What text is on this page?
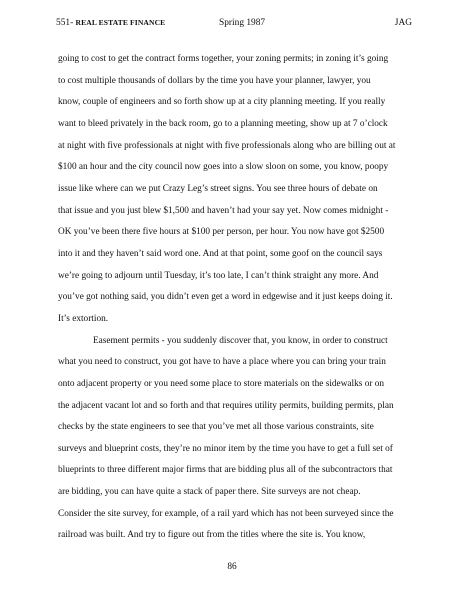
551- REAL ESTATE FINANCE	Spring 1987	JAG
going to cost to get the contract forms together, your zoning permits; in zoning it’s going
to cost multiple thousands of dollars by the time you have your planner, lawyer, you
know, couple of engineers and so forth show up at a city planning meeting. If you really
want to bleed privately in the back room, go to a planning meeting, show up at 7 o’clock
at night with five professionals at night with five professionals along who are billing out at
$100 an hour and the city council now goes into a slow sloon on some, you know, poopy
issue like where can we put Crazy Leg’s street signs. You see three hours of debate on
that issue and you just blew $1,500 and haven’t had your say yet. Now comes midnight -
OK you’ve been there five hours at $100 per person, per hour. You now have got $2500
into it and they haven’t said word one. And at that point, some goof on the council says
we’re going to adjourn until Tuesday, it’s too late, I can’t think straight any more. And
you’ve got nothing said, you didn’t even get a word in edgewise and it just keeps doing it.
It’s extortion.
Easement permits - you suddenly discover that, you know, in order to construct
what you need to construct, you got have to have a place where you can bring your train
onto adjacent property or you need some place to store materials on the sidewalks or on
the adjacent vacant lot and so forth and that requires utility permits, building permits, plan
checks by the state engineers to see that you’ve met all those various constraints, site
surveys and blueprint costs, they’re no minor item by the time you have to get a full set of
blueprints to three different major firms that are bidding plus all of the subcontractors that
are bidding, you can have quite a stack of paper there. Site surveys are not cheap.
Consider the site survey, for example, of a rail yard which has not been surveyed since the
railroad was built. And try to figure out from the titles where the site is. You know,
86
